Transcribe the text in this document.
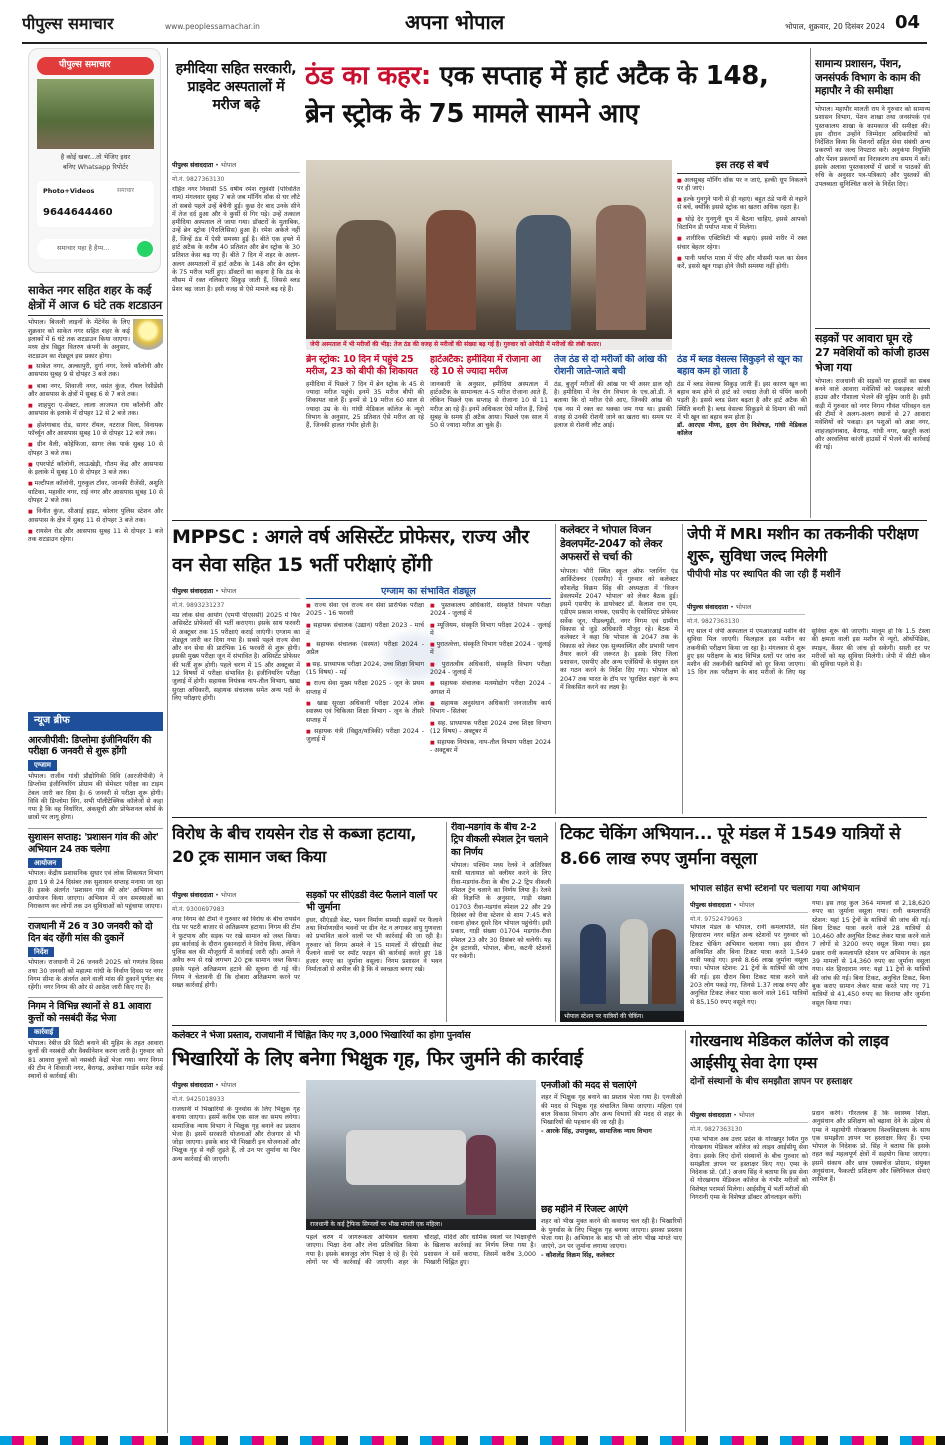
पीपुल्स समाचार	www.peoplessamachar.in	अपना भोपाल	भोपाल, शुक्रवार, 20 दिसंबर 2024 04
पीपुल्स समाचार
है कोई खबर...तो भेजिए इधर
बनिए Whatsapp रिपोर्टर
Photo+Videos	समाचार
9644644460
समाचार यहा है हैप्प...
साकेत नगर सहित शहर के कई क्षेत्रों में आज 6 घंटे तक शटडाउन

भोपाल। बिजली लाइनों के मेंटेनेंस के लिए शुक्रवार को साकेत नगर सहित शहर के कई इलाकों में 6 घंटे तक शटडाउन किया जाएगा। मध्य क्षेत्र विद्युत वितरण कंपनी के अनुसार, शटडाउन का शेड्यूल इस प्रकार होगा।

■ साकेत नगर, अल्कापुरी, दुर्गा नगर, रेलवे कॉलोनी और आसपास सुबह 9 से दोपहर 3 बजे तक।

■ बाबा नगर, शिवाजी नगर, वसंत कुंज, रॉयल रेसीडेंसी और आसपास के क्षेत्रों में सुबह 6 से 7 बजे तक।

■ शाहपुरा ए-सेक्टर, लाला लाजपत राय कॉलोनी और आसपास के इलाके में दोपहर 12 से 2 बजे तक।

■ होशंगाबाद रोड, सागर रॉयल, नटराज विला, विनायक फॉर्च्यून और आसपास सुबह 10 से दोपहर 12 बजे तक।

■ ग्रीन वैली, कोहेफिजा, सागर लेक पार्क सुबह 10 से दोपहर 3 बजे तक।

■ एयरपोर्ट कॉलोनी, लाऊखेड़ी, गौतम केंद्र और आसपास के इलाके में सुबह 10 से दोपहर 3 बजे तक।

■ मल्टीपल कॉलोनी, गुरुकुल टॉवर, जानकी रीजेंसी, अशुति वाटिका, महावीर नगर, राई नगर और आसपास सुबह 10 से दोपहर 2 बजे तक।

■ विनीत कुंज, सीआई हाइट, कोलार पुलिस स्टेशन और आसपास के क्षेत्र में सुबह 11 से दोपहर 3 बजे तक।

■ रायसेन रोड और आसपास सुबह 11 से दोपहर 1 बजे तक शटडाउन रहेगा।

न्यूज ब्रीफ
आरजीपीवी: डिप्लोमा इंजीनियरिंग की परीक्षा 6 जनवरी से शुरू होंगी
एग्जाम

भोपाल। राजीव गांधी प्रौद्योगिकी विवि (आरजीपीवी) ने डिप्लोमा इंजीनियरिंग प्रोग्राम की सेमेस्टर परीक्षा का टाइम टेबल जारी कर दिया है। 6 जनवरी से परीक्षा शुरू होगी। विवि की डिप्लोमा विंग, सभी पॉलीटेक्निक कॉलेजों से कहा गया है कि वह निर्धारित, अंकसूची और प्रोफेशनल कोर्स के छात्रों पर लागू होगा।

सुशासन सप्ताह: 'प्रशासन गांव की ओर' अभियान 24 तक चलेगा
आयोजन

भोपाल। केंद्रीय प्रशासनिक सुधार एवं लोक शिकायत विभाग द्वारा 19 से 24 दिसंबर तक सुशासन सप्ताह मनाया जा रहा है। इसके अंतर्गत 'प्रशासन गांव की ओर' अभियान का आयोजन किया जाएगा। अभियान में जन समस्याओं का निराकरण कर लोगों तक उन सुविधाओं को पहुंचाया जाएगा।

राजधानी में 26 व 30 जनवरी को दो दिन बंद रहेंगी मांस की दुकानें
निर्देश

भोपाल। राजधानी में 26 जनवरी 2025 को गणतंत्र दिवस तथा 30 जनवरी को महात्मा गांधी के निर्वाण दिवस पर नगर निगम सीमा के अंतर्गत आने वाली मांस की दुकानें पूर्णतः बंद रहेंगी। नगर निगम की ओर से आदेश जारी किए गए हैं।

निगम ने विभिन्न स्थानों से 81 आवारा कुत्तों को नसबंदी केंद्र भेजा
कार्रवाई

भोपाल। रेबीज फ्री सिटी बनाने की मुहिम के तहत आवारा कुत्तों की नसबंदी और वैक्सीनेशन करना जारी है। गुरुवार को 81 आवारा कुत्तों को नसबंदी केंद्रों भेजा गया। नगर निगम की टीम ने शिवाजी नगर, बैरागढ़, अशोका गार्डन समेत कई स्थानों से कार्रवाई की।

हमीदिया सहित सरकारी, प्राइवेट अस्पतालों में मरीज बढ़े
ठंड का कहर: एक सप्ताह में हार्ट अटैक के 148, ब्रेन स्ट्रोक के 75 मामले सामने आए
पीपुल्स संवाददाता • भोपाल
मो.नं. 9827363130
रोहित नगर निवासी 55 वर्षीय रमेश रघुवंशी (परिवर्तित नाम) मंगलवार सुबह 7 बजे जब मॉर्निंग वॉक से घर लौटे तो सबसे पहले उन्हें बेचैनी हुई। कुछ देर बाद उनके सीने में तेज दर्द हुआ और वे कुर्सी से गिर पड़े। उन्हें तत्काल हमीदिया अस्पताल ले जाया गया। डॉक्टरों के मुताबिक, उन्हें ब्रेन स्ट्रोक (पैरालिसिस) हुआ है। रमेश अकेले नहीं हैं, जिन्हें ठंड में ऐसी समस्या हुई है। बीते एक हफ्ते में हार्ट अटैक के करीब 40 प्रतिशत और ब्रेन स्ट्रोक के 30 प्रतिशत केस बढ़ गए हैं। बीते 7 दिन में शहर के अलग-अलग अस्पतालों में हार्ट अटैक के 148 और ब्रेन स्ट्रोक के 75 मरीज भर्ती हुए। डॉक्टरों का कहना है कि ठंड के मौसम में रक्त नलिकाएं सिकुड़ जाती हैं, जिससे ब्लड प्रेशर बढ़ जाता है। इसी वजह से ऐसे मामले बढ़ रहे हैं।
जेपी अस्पताल में भी मरीजों की भीड़: तेज ठंड की वजह से मरीजों की संख्या बढ़ गई है। गुरुवार को ओपीडी में मरीजों की लंबी कतार।
इस तरह से बचें

■ अलसुबह मॉर्निंग वॉक पर न जाएं, हल्की धूप निकलने पर ही जाएं।

■ हल्के गुनगुने पानी से ही नहाएं। बहुत ठंडे पानी से नहाने से बचें, क्योंकि इससे स्ट्रोक का खतरा अधिक रहता है।

■ थोड़े देर गुनगुनी धूप में बैठना चाहिए, इससे आपको विटामिन डी पर्याप्त मात्रा में मिलेगा।

■ शारीरिक एक्टिविटी भी बढ़ाएं। इससे शरीर में रक्त संचार बेहतर रहेगा।

■ पानी पर्याप्त मात्रा में पीएं और मौसमी फल का सेवन करें, इससे खून गाढ़ा होने जैसी समस्या नहीं होगी।

ब्रेन स्ट्रोक: 10 दिन में पहुंचे 25 मरीज, 23 को बीपी की शिकायत

हमीदिया में पिछले 7 दिन में ब्रेन स्ट्रोक के 45 से ज्यादा मरीज पहुंचे। इनमें 35 मरीज बीपी की शिकायत वाले हैं। इनमें से 19 मरीज 60 साल से ज्यादा उम्र के थे। गांधी मेडिकल कॉलेज के न्यूरो विभाग के अनुसार, 25 प्रतिशत ऐसे मरीज आ रहे हैं, जिनकी हालत गंभीर होती है।

हार्टअटैक: हमीदिया में रोजाना आ रहे 10 से ज्यादा मरीज

जानकारी के अनुसार, हमीदिया अस्पताल में हार्टअटैक के सामान्यतः 4-5 मरीज रोजाना आते हैं, लेकिन पिछले एक सप्ताह से रोजाना 10 से 11 मरीज आ रहे हैं। इनमें अधिकतर ऐसे मरीज हैं, जिन्हें सुबह के समय ही अटैक आया। पिछले एक साल में 50 से ज्यादा मरीज आ चुके हैं।

तेज ठंड से दो मरीजों की आंख की रोशनी जाते-जाते बची

ठंड, बुजुर्ग मरीजों की आंख पर भी असर डाल रही है। हमीदिया में नेत्र रोग विभाग के एच.ओ.डी. ने बताया कि दो मरीज ऐसे आए, जिनकी आंख की एक नस में रक्त का थक्का जम गया था। इसकी वजह से उनकी रोशनी जाने का खतरा था। समय पर इलाज से रोशनी लौट आई।

ठंड में ब्लड वेसल्स सिकुड़ने से खून का बहाव कम हो जाता है

ठंड में ब्लड वेसल्स सिकुड़ जाती हैं। इस कारण खून का बहाव कम होने से हार्ट को ज्यादा तेजी से पंपिंग करनी पड़ती है। इससे ब्लड प्रेशर बढ़ता है और हार्ट अटैक की स्थिति बनती है। ब्लड वेसल्स सिकुड़ने से दिमाग की नसों में भी खून का बहाव कम होता है।

डॉ. आरएस मीणा, हृदय रोग विशेषज्ञ, गांधी मेडिकल कॉलेज

सामान्य प्रशासन, पेंशन, जनसंपर्क विभाग के काम की महापौर ने की समीक्षा

भोपाल। महापौर मालती राय ने गुरुवार को सामान्य प्रशासन विभाग, पेंशन शाखा तथा जनसंपर्क एवं पुस्तकालय शाखा के कामकाज की समीक्षा की। इस दौरान उन्होंने जिम्मेदार अधिकारियों को निर्देशित किया कि पेंशनरों सहित सेवा संबंधी अन्य प्रकरणों का जल्द निपटारा करें। अनुकंपा नियुक्ति और पेंशन प्रकरणों का निराकरण तय समय में करें। इसके अलावा पुस्तकालयों में छात्रों व पाठकों की रुचि के अनुसार पत्र-पत्रिकाएं और पुस्तकों की उपलब्धता सुनिश्चित करने के निर्देश दिए।

सड़कों पर आवारा घूम रहे 27 मवेशियों को कांजी हाउस भेजा गया

भोपाल। राजधानी की सड़कों पर हादसों का सबब बनने वाले आवारा मवेशियों को पकड़कर कांजी हाउस और गौशाला भेजने की मुहिम जारी है। इसी कड़ी में गुरुवार को नगर निगम गौवंश परिवहन दल की टीमों ने अलग-अलग स्थानों से 27 आवारा मवेशियों को पकड़ा। इन पशुओं को अन्ना नगर, शाहजहांनाबाद, बैरागढ़, गांधी नगर, खजूरी कलां और अरवलिया कांजी हाउसों में भेजने की कार्रवाई की गई।

MPPSC : अगले वर्ष असिस्टेंट प्रोफेसर, राज्य और वन सेवा सहित 15 भर्ती परीक्षाएं होंगी
पीपुल्स संवाददाता • भोपाल
मो.नं. 9893231237
मप्र लोक सेवा आयोग (एमपी पीएससी) 2025 में फिर असिस्टेंट प्रोफेसरों की भर्ती कराएगा। इसके साथ फरवरी से अक्टूबर तक 15 परीक्षाएं कराई जाएंगी। एग्जाम का शेड्यूल जारी कर दिया गया है। सबसे पहले राज्य सेवा और वन सेवा की प्रारंभिक 16 फरवरी से शुरू होगी। इसकी मुख्य परीक्षा जून में संभावित है। असिस्टेंट प्रोफेसर की भर्ती शुरू होगी। पहले चरण में 15 और अक्टूबर में 12 विषयों में परीक्षा संभावित है। इंजीनियरिंग परीक्षा जुलाई में होगी। सहायक नियंत्रक नाप-तौल विभाग, खाद्य सुरक्षा अधिकारी, सहायक संचालक समेत अन्य पदों के लिए परीक्षाएं होंगी।
एग्जाम का संभावित शेड्यूल

■ राज्य सेवा एवं राज्य वन सेवा प्रारंभिक परीक्षा 2025 - 16 फरवरी

■ सहायक संचालक (उद्यान) परीक्षा 2023 - मार्च में

■ सहायक संचालक (सस्यत) परीक्षा 2024 - अप्रैल

■ सह. प्राध्यापक परीक्षा 2024, उच्च शिक्षा विभाग (15 विषय) - मई

■ राज्य सेवा मुख्य परीक्षा 2025 - जून के प्रथम सप्ताह में

■ खाद्य सुरक्षा अधिकारी परीक्षा 2024 लोक स्वास्थ्य एवं चिकित्सा शिक्षा विभाग - जून के तीसरे सप्ताह में

■ सहायक यंत्री (विद्युत/यांत्रिकी) परीक्षा 2024 - जुलाई में

■ पुस्तकालय अधिकारी, संस्कृति विभाग परीक्षा 2024 - जुलाई में

■ म्यूजियम, संस्कृति विभाग परीक्षा 2024 - जुलाई में

■ पुरातत्वेत्ता, संस्कृति विभाग परीक्षा 2024 - जुलाई में

■ पुरातत्वीय अधिकारी, संस्कृति विभाग परीक्षा 2024 - जुलाई में

■ सहायक संचालक मत्स्योद्योग परीक्षा 2024 - अगस्त में

■ सहायक अनुसंधान अधिकारी जनजातीय कार्य विभाग - सितंबर

■ सह. प्राध्यापक परीक्षा 2024 उच्च शिक्षा विभाग (12 विषय) - अक्टूबर में

■ सहायक नियंत्रक, नाप-तौल विभाग परीक्षा 2024 - अक्टूबर में

कलेक्टर ने भोपाल विजन डेवलपमेंट-2047 को लेकर अफसरों से चर्चा की

भोपाल। भौरी स्थित स्कूल ऑफ प्लानिंग एंड आर्किटेक्चर (एसपीए) में गुरुवार को कलेक्टर कौशलेंद्र विक्रम सिंह की अध्यक्षता में 'विजन डेवलपमेंट 2047 भोपाल' को लेकर बैठक हुई। इसमें एसपीए के डायरेक्टर डॉ. कैलाश राव एम, एडीएम प्रकाश नायक, एसपीए के एसोसिएट प्रोफेसर सर्वेक जून, पीडब्ल्यूडी, नगर निगम एवं ग्रामीण विकास से जुड़े अधिकारी मौजूद रहे। बैठक में कलेक्टर ने कहा कि भोपाल के 2047 तक के विकास को लेकर एक सुव्यवस्थित और प्रभावी प्लान तैयार करने की जरूरत है। इसके लिए जिला प्रशासन, एसपीए और अन्य एजेंसियों के संयुक्त दल का गठन करने के निर्देश दिए गए। भोपाल को 2047 तक भारत के टॉप पर 'सुरक्षित शहर' के रूप में विकसित करने का लक्ष्य है।

जेपी में MRI मशीन का तकनीकी परीक्षण शुरू, सुविधा जल्द मिलेगी
पीपीपी मोड पर स्थापित की जा रही हैं मशीनें
पीपुल्स संवाददाता • भोपाल
मो.नं. 9827363130
नए साल में जेपी अस्पताल में एमआरआई मशीन की सुविधा मिल जाएगी। फिलहाल इस मशीन का तकनीकी परीक्षण किया जा रहा है। मंगलवार से शुरू हुए इस परीक्षण के बाद विभिन्न स्तरों पर जांच कर मशीन की तकनीकी खामियों को दूर किया जाएगा। 15 दिन तक परीक्षण के बाद मरीजों के लिए यह सुविधा शुरू की जाएगी। मालूम हो कि 1.5 टेस्ला की क्षमता वाली इस मशीन से न्यूरो, ऑर्थोपेडिक, स्पाइन, कैंसर की जांच हो सकेगी। सस्ती दर पर मरीजों को यह सुविधा मिलेगी। जेपी में सीटी स्कैन की सुविधा पहले से है।
विरोध के बीच रायसेन रोड से कब्जा हटाया, 20 ट्रक सामान जब्त किया
पीपुल्स संवाददाता • भोपाल
मो.नं. 9300697983
नगर निगम की टीमों ने गुरुवार को विरोध के बीच रायसेन रोड पर पटरी बाजार से अतिक्रमण हटाया। निगम की टीम ने फुटपाथ और सड़क पर रखे सामान को जब्त किया। इस कार्रवाई के दौरान दुकानदारों ने विरोध किया, लेकिन पुलिस बल की मौजूदगी में कार्रवाई जारी रही। अमले ने अवैध रूप से रखे लगभग 20 ट्रक सामान जब्त किया। इसके पहले अतिक्रमण हटाने की सूचना दी गई थी। निगम ने चेतावनी दी कि दोबारा अतिक्रमण करने पर सख्त कार्रवाई होगी।
सड़कों पर सीएंडडी वेस्ट फैलाने वालों पर भी जुर्माना

इधर, सीएंडडी वेस्ट, भवन निर्माण सामग्री सड़कों पर फैलाने तथा निर्माणाधीन भवनों पर ग्रीन नेट न लगाकर वायु गुणवत्ता को प्रभावित करने वालों पर भी कार्रवाई की जा रही है। गुरुवार को निगम अमले ने 15 मामलों में सीएंडडी वेस्ट फैलाने वालों पर स्पॉट फाइन की कार्रवाई करते हुए 18 हजार रुपए का जुर्माना वसूला। निगम प्रशासन ने भवन निर्माताओं से अपील की है कि वे स्वच्छता बनाए रखें।

रीवा-मडगांव के बीच 2-2 ट्रिप वीकली स्पेशल ट्रेन चलाने का निर्णय

भोपाल। पश्चिम मध्य रेलवे ने अतिरिक्त यात्री यातायात को क्लीयर करने के लिए रीवा-मडगांव-रीवा के बीच 2-2 ट्रिप वीकली स्पेशल ट्रेन चलाने का निर्णय लिया है। रेलवे की विज्ञप्ति के अनुसार, गाड़ी संख्या 01703 रीवा-मडगांव स्पेशल 22 और 29 दिसंबर को रीवा स्टेशन से शाम 7:45 बजे रवाना होकर दूसरे दिन भोपाल पहुंचेगी। इसी प्रकार, गाड़ी संख्या 01704 मडगांव-रीवा स्पेशल 23 और 30 दिसंबर को चलेगी। यह ट्रेन इटारसी, भोपाल, बीना, कटनी स्टेशनों पर रुकेगी।

टिकट चेकिंग अभियान... पूरे मंडल में 1549 यात्रियों से 8.66 लाख रुपए जुर्माना वसूला
भोपाल सहित सभी स्टेशनों पर चलाया गया अभियान
भोपाल स्टेशन पर यात्रियों की चेकिंग।
पीपुल्स संवाददाता • भोपाल
मो.नं. 9752479963
भोपाल मंडल के भोपाल, रानी कमलापति, संत हिरदाराम नगर सहित अन्य स्टेशनों पर गुरुवार को टिकट चेकिंग अभियान चलाया गया। इस दौरान अनियमित और बिना टिकट यात्रा करते 1,549 यात्री पकड़े गए। इनसे 8.66 लाख जुर्माना वसूला गया। भोपाल स्टेशन: 21 ट्रेनों के यात्रियों की जांच की गई। इस दौरान बिना टिकट यात्रा करने वाले 203 लोग पकड़े गए, जिनसे 1.37 लाख रुपए और अनुचित टिकट लेकर यात्रा करने वाले 161 यात्रियों से 85,150 रुपए वसूले गए।
गया। इस तरह कुल 364 मामलों से 2,18,620 रुपए का जुर्माना वसूला गया। रानी कमलापति स्टेशन: यहां 15 ट्रेनों के यात्रियों की जांच की गई। बिना टिकट यात्रा करने वाले 28 यात्रियों से 10,460 और अनुचित टिकट लेकर यात्रा करने वाले 7 लोगों से 3200 रुपए वसूल किया गया। इस प्रकार रानी कमलापति स्टेशन पर अभियान के तहत 39 मामलों से 14,360 रुपए का जुर्माना वसूला गया। संत हिरदाराम नगर: यहां 11 ट्रेनों के यात्रियों की जांच की गई। बिना टिकट, अनुचित टिकट, बिना बुक कराए सामान लेकर यात्रा करते पाए गए 71 यात्रियों से 41,450 रुपए का किराया और जुर्माना वसूल किया गया।
कलेक्टर ने भेजा प्रस्ताव, राजधानी में चिह्नित किए गए 3,000 भिखारियों का होगा पुनर्वास
भिखारियों के लिए बनेगा भिक्षुक गृह, फिर जुर्माने की कार्रवाई
पीपुल्स संवाददाता • भोपाल
मो.नं. 9425018933
राजधानी में भिखारियों के पुनर्वास के लिए भिक्षुक गृह बनाया जाएगा। इसमें करीब एक साल का समय लगेगा। सामाजिक न्याय विभाग ने भिक्षुक गृह बनाने का प्रस्ताव भेजा है। इसमें सरकारी योजनाओं और रोजगार से भी जोड़ा जाएगा। इसके बाद भी भिखारी इन योजनाओं और भिक्षुक गृह से नहीं जुड़ते हैं, तो उन पर जुर्माना या फिर अन्य कार्रवाई की जाएगी।
राजधानी के कई ट्रैफिक सिग्नलों पर भीख मांगती एक महिला।
पहले चरण में जागरूकता अभियान चलाया जाएगा। भिक्षा देना और लेना प्रतिबंधित किया गया है। इसके बावजूद लोग भिक्षा दे रहे हैं। ऐसे लोगों पर भी कार्रवाई की जाएगी। शहर के चौराहों, मंदिरों और धार्मिक स्थलों पर भिक्षावृत्ति के खिलाफ कार्रवाई का निर्णय लिया गया है। प्रशासन ने सर्वे कराया, जिसमें करीब 3,000 भिखारी चिह्नित हुए।
एनजीओ की मदद से चलाएंगे

शहर में भिक्षुक गृह बनाने का प्रस्ताव भेजा गया है। एनजीओ की मदद से भिक्षुक गृह संचालित किया जाएगा। महिला एवं बाल विकास विभाग और अन्य विभागों की मदद से शहर के भिखारियों की पहचान की जा रही है।

- आरके सिंह, उपायुक्त, सामाजिक न्याय विभाग

छह महीने में रिजल्ट आएंगे

शहर को भीख मुक्त करने की कवायद चल रही है। भिखारियों के पुनर्वास के लिए भिक्षुक गृह बनाया जाएगा। इसका प्रस्ताव भेजा गया है। अभियान के बाद भी जो लोग भीख मांगते पाए जाएंगे, उन पर जुर्माना लगाया जाएगा।

- कौशलेंद्र विक्रम सिंह, कलेक्टर

गोरखनाथ मेडिकल कॉलेज को लाइव आईसीयू सेवा देगा एम्स
दोनों संस्थानों के बीच समझौता ज्ञापन पर हस्ताक्षर
पीपुल्स संवाददाता • भोपाल
मो.नं. 9827363130
एम्स भोपाल अब उत्तर प्रदेश के गोरखपुर स्थित गुरु गोरखनाथ मेडिकल कॉलेज को लाइव आईसीयू सेवा देगा। इसके लिए दोनों संस्थानों के बीच गुरुवार को समझौता ज्ञापन पर हस्ताक्षर किए गए। एम्स के निदेशक प्रो. (डॉ.) अजय सिंह ने बताया कि इस सेवा से गोरखनाथ मेडिकल कॉलेज के गंभीर मरीजों को विशेषज्ञ परामर्श मिलेगा। आईसीयू में भर्ती मरीजों की निगरानी एम्स के विशेषज्ञ डॉक्टर ऑनलाइन करेंगे।
प्रदान करेंगे। गौरतलब है कि स्वास्थ्य शिक्षा, अनुसंधान और प्रशिक्षण को बढ़ावा देने के उद्देश्य से एम्स ने महायोगी गोरखनाथ विश्वविद्यालय के साथ एक समझौता ज्ञापन पर हस्ताक्षर किए हैं। एम्स भोपाल के निदेशक प्रो. सिंह ने बताया कि इसके तहत कई महत्वपूर्ण क्षेत्रों में सहयोग किया जाएगा। इसमें संकाय और छात्र एक्सचेंज प्रोग्राम, संयुक्त अनुसंधान, फैकल्टी प्रशिक्षण और क्लिनिकल सेवाएं शामिल हैं।
